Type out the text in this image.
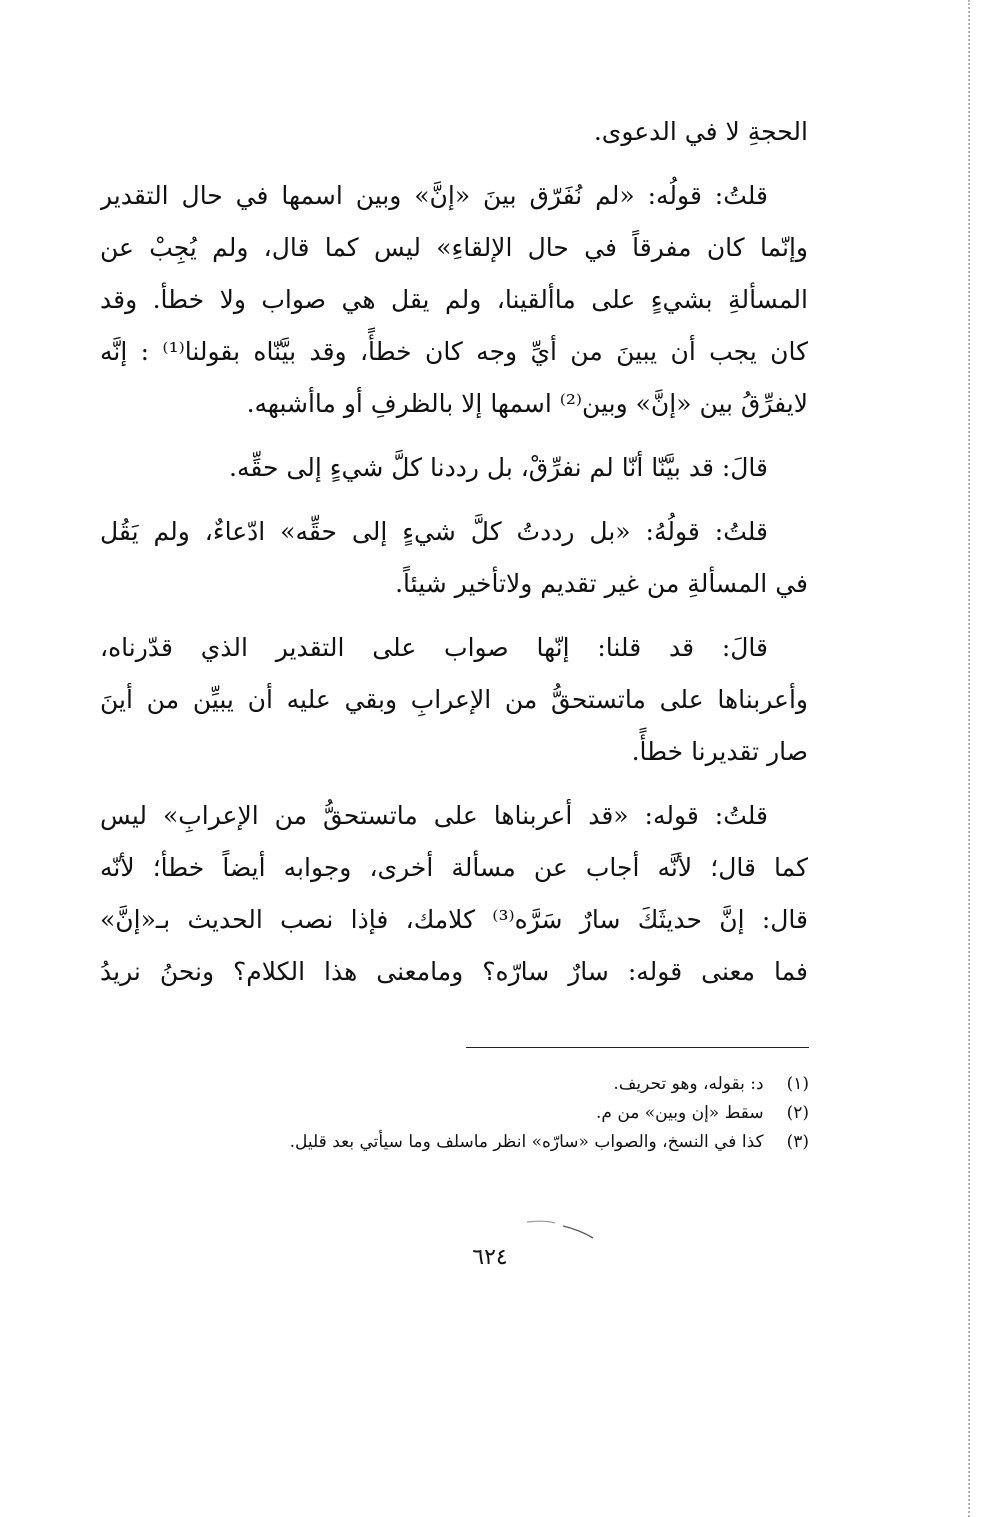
الحجةِ لا في الدعوى.
قلتُ: قولُه: «لم نُفَرّق بينَ «إنَّ» وبين اسمها في حال التقدير
وإنّما كان مفرقاً في حال الإلقاءِ» ليس كما قال، ولم يُجِبْ عن
المسألةِ بشيءٍ على ماألقينا، ولم يقل هي صواب ولا خطأ. وقد
كان يجب أن يبينَ من أيِّ وجه كان خطأً، وقد بيَّنّاه بقولنا⁽¹⁾ : إنَّه
لايفرِّقُ بين «إنَّ» وبين⁽²⁾ اسمها إلا بالظرفِ أو ماأشبهه.
قالَ: قد بيَّنّا أنّا لم نفرِّقْ، بل رددنا كلَّ شيءٍ إلى حقِّه.
قلتُ: قولُهُ: «بل رددتُ كلَّ شيءٍ إلى حقِّه» ادّعاءٌ، ولم يَقُل
في المسألةِ من غير تقديم ولاتأخير شيئاً.
قالَ: قد قلنا: إنّها صواب على التقدير الذي قدّرناه،
وأعربناها على ماتستحقُّ من الإعرابِ وبقي عليه أن يبيِّن من أينَ
صار تقديرنا خطأً.
قلتُ: قوله: «قد أعربناها على ماتستحقُّ من الإعرابِ» ليس
كما قال؛ لأنَّه أجاب عن مسألة أخرى، وجوابه أيضاً خطأ؛ لأنّه
قال: إنَّ حديثَكَ سارٌ سَرَّه⁽³⁾ كلامك، فإذا نصب الحديث بـ«إنَّ»
فما معنى قوله: سارٌ سارّه؟ ومامعنى هذا الكلام؟ ونحنُ نريدُ
(١) د: بقوله، وهو تحريف.
(٢) سقط «إن وبين» من م.
(٣) كذا في النسخ، والصواب «سارّه» انظر ماسلف وما سيأتي بعد قليل.
٦٢٤
